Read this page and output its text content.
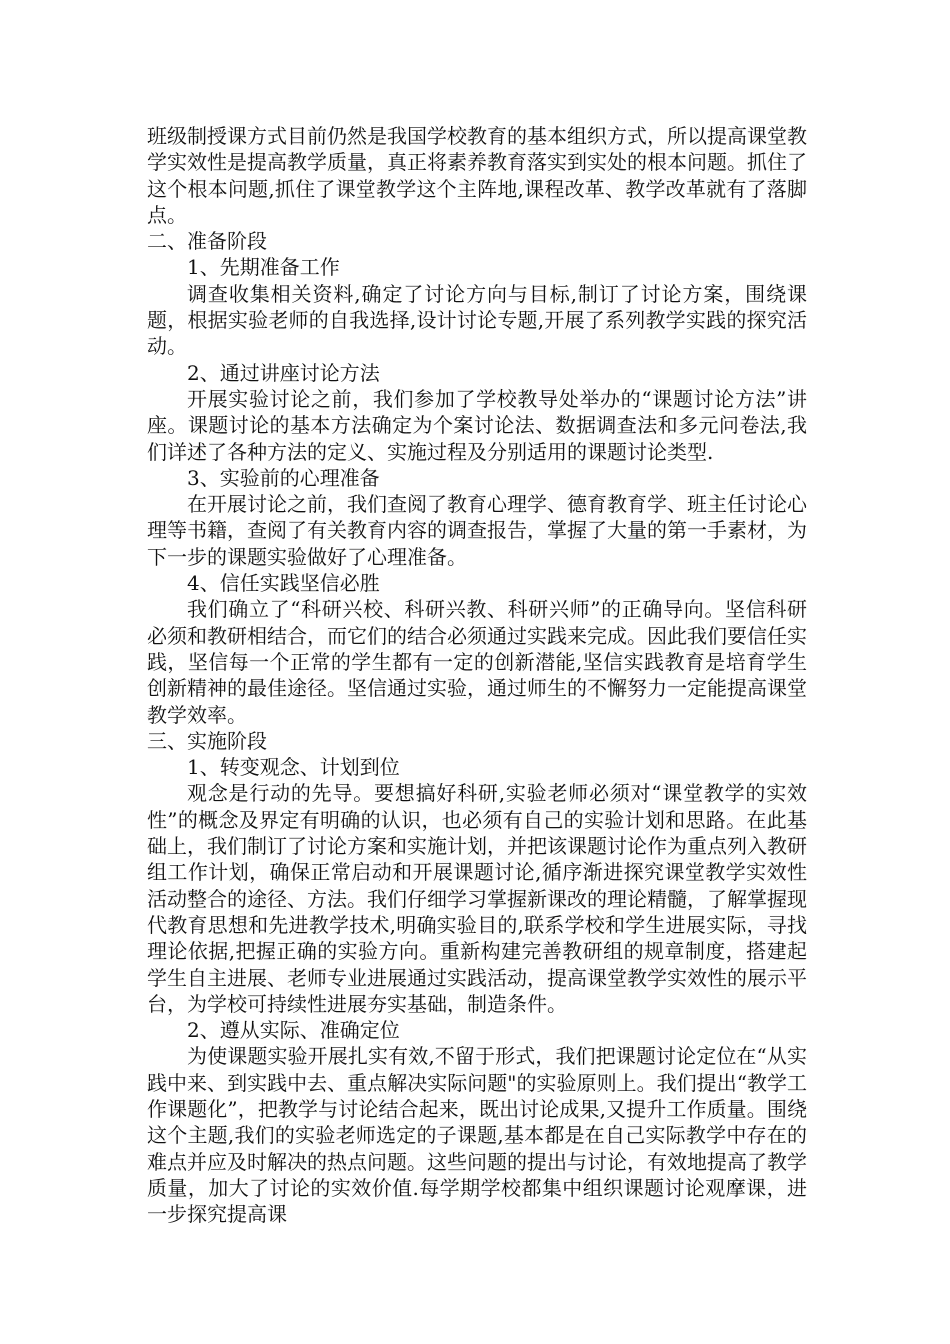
班级制授课方式目前仍然是我国学校教育的基本组织方式，所以提高课堂教学实效性是提高教学质量，真正将素养教育落实到实处的根本问题。抓住了这个根本问题,抓住了课堂教学这个主阵地,课程改革、教学改革就有了落脚点。

二、准备阶段

1、先期准备工作

调查收集相关资料,确定了讨论方向与目标,制订了讨论方案，围绕课题，根据实验老师的自我选择,设计讨论专题,开展了系列教学实践的探究活动。

2、通过讲座讨论方法

开展实验讨论之前，我们参加了学校教导处举办的“课题讨论方法”讲座。课题讨论的基本方法确定为个案讨论法、数据调查法和多元问卷法,我们详述了各种方法的定义、实施过程及分别适用的课题讨论类型.

3、实验前的心理准备

在开展讨论之前，我们查阅了教育心理学、德育教育学、班主任讨论心理等书籍，查阅了有关教育内容的调查报告，掌握了大量的第一手素材，为下一步的课题实验做好了心理准备。

4、信任实践坚信必胜

我们确立了“科研兴校、科研兴教、科研兴师”的正确导向。坚信科研必须和教研相结合，而它们的结合必须通过实践来完成。因此我们要信任实践，坚信每一个正常的学生都有一定的创新潜能,坚信实践教育是培育学生创新精神的最佳途径。坚信通过实验，通过师生的不懈努力一定能提高课堂教学效率。

三、实施阶段

1、转变观念、计划到位

观念是行动的先导。要想搞好科研,实验老师必须对“课堂教学的实效性”的概念及界定有明确的认识，也必须有自己的实验计划和思路。在此基础上，我们制订了讨论方案和实施计划，并把该课题讨论作为重点列入教研组工作计划，确保正常启动和开展课题讨论,循序渐进探究课堂教学实效性活动整合的途径、方法。我们仔细学习掌握新课改的理论精髓，了解掌握现代教育思想和先进教学技术,明确实验目的,联系学校和学生进展实际，寻找理论依据,把握正确的实验方向。重新构建完善教研组的规章制度，搭建起学生自主进展、老师专业进展通过实践活动，提高课堂教学实效性的展示平台，为学校可持续性进展夯实基础，制造条件。

2、遵从实际、准确定位

为使课题实验开展扎实有效,不留于形式，我们把课题讨论定位在“从实践中来、到实践中去、重点解决实际问题"的实验原则上。我们提出“教学工作课题化”，把教学与讨论结合起来，既出讨论成果,又提升工作质量。围绕这个主题,我们的实验老师选定的子课题,基本都是在自己实际教学中存在的难点并应及时解决的热点问题。这些问题的提出与讨论，有效地提高了教学质量，加大了讨论的实效价值.每学期学校都集中组织课题讨论观摩课，进一步探究提高课
